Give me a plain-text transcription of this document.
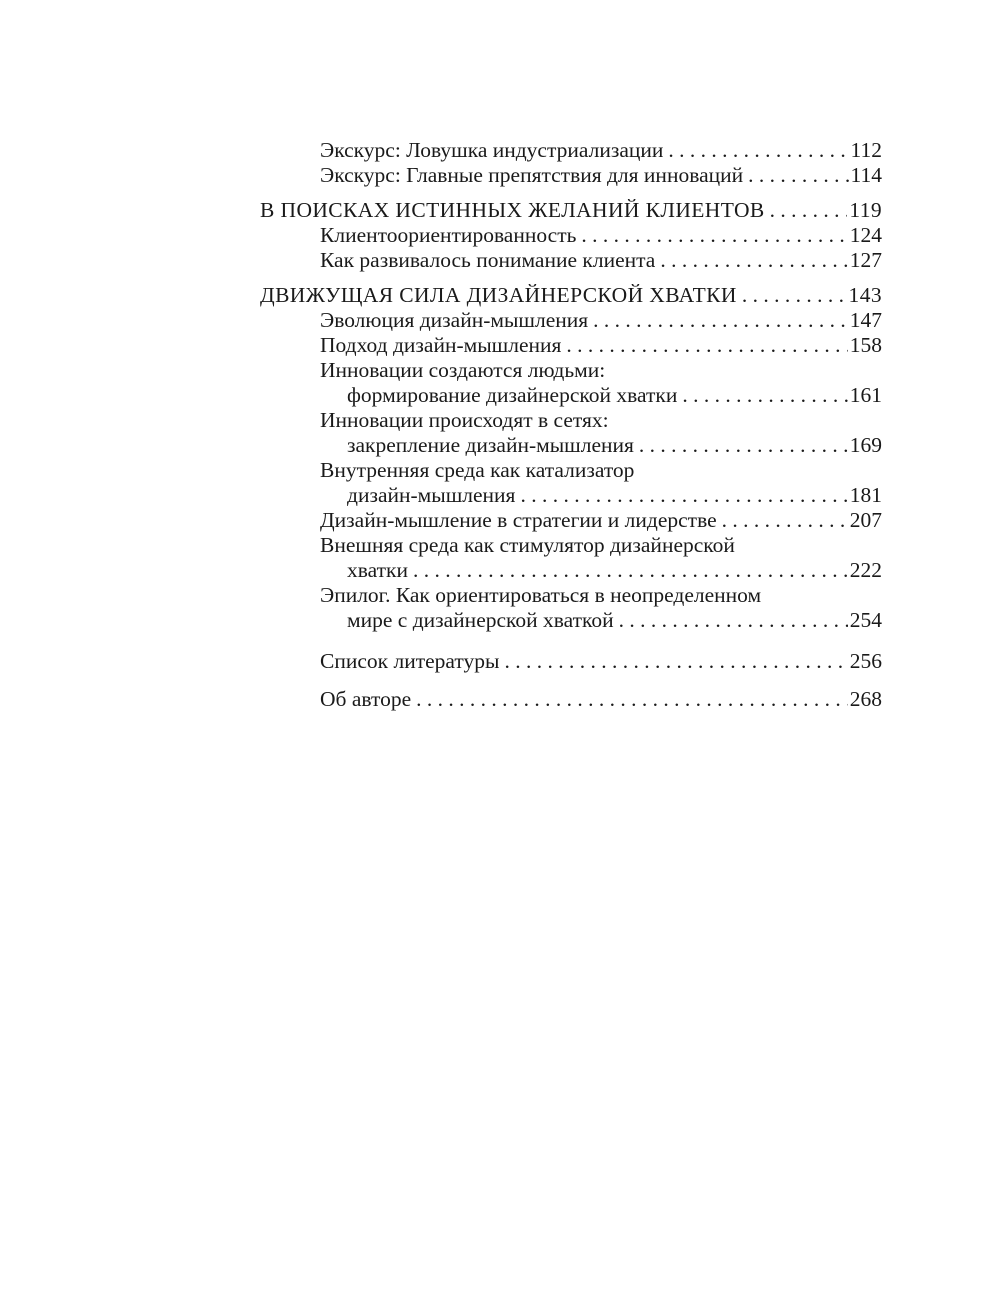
Экскурс: Ловушка индустриализации . . .	112
Экскурс: Главные препятствия для инноваций . . .	114
В ПОИСКАХ ИСТИННЫХ ЖЕЛАНИЙ КЛИЕНТОВ . . .	119
Клиентоориентированность . . .	124
Как развивалось понимание клиента . . .	127
ДВИЖУЩАЯ СИЛА ДИЗАЙНЕРСКОЙ ХВАТКИ . . .	143
Эволюция дизайн-мышления . . .	147
Подход дизайн-мышления . . .	158
Инновации создаются людьми:
формирование дизайнерской хватки . . .	161
Инновации происходят в сетях:
закрепление дизайн-мышления . . .	169
Внутренняя среда как катализатор
дизайн-мышления . . .	181
Дизайн-мышление в стратегии и лидерстве . . .	207
Внешняя среда как стимулятор дизайнерской
хватки . . .	222
Эпилог. Как ориентироваться в неопределенном
мире с дизайнерской хваткой . . .	254
Список литературы . . .	256
Об авторе . . .	268
